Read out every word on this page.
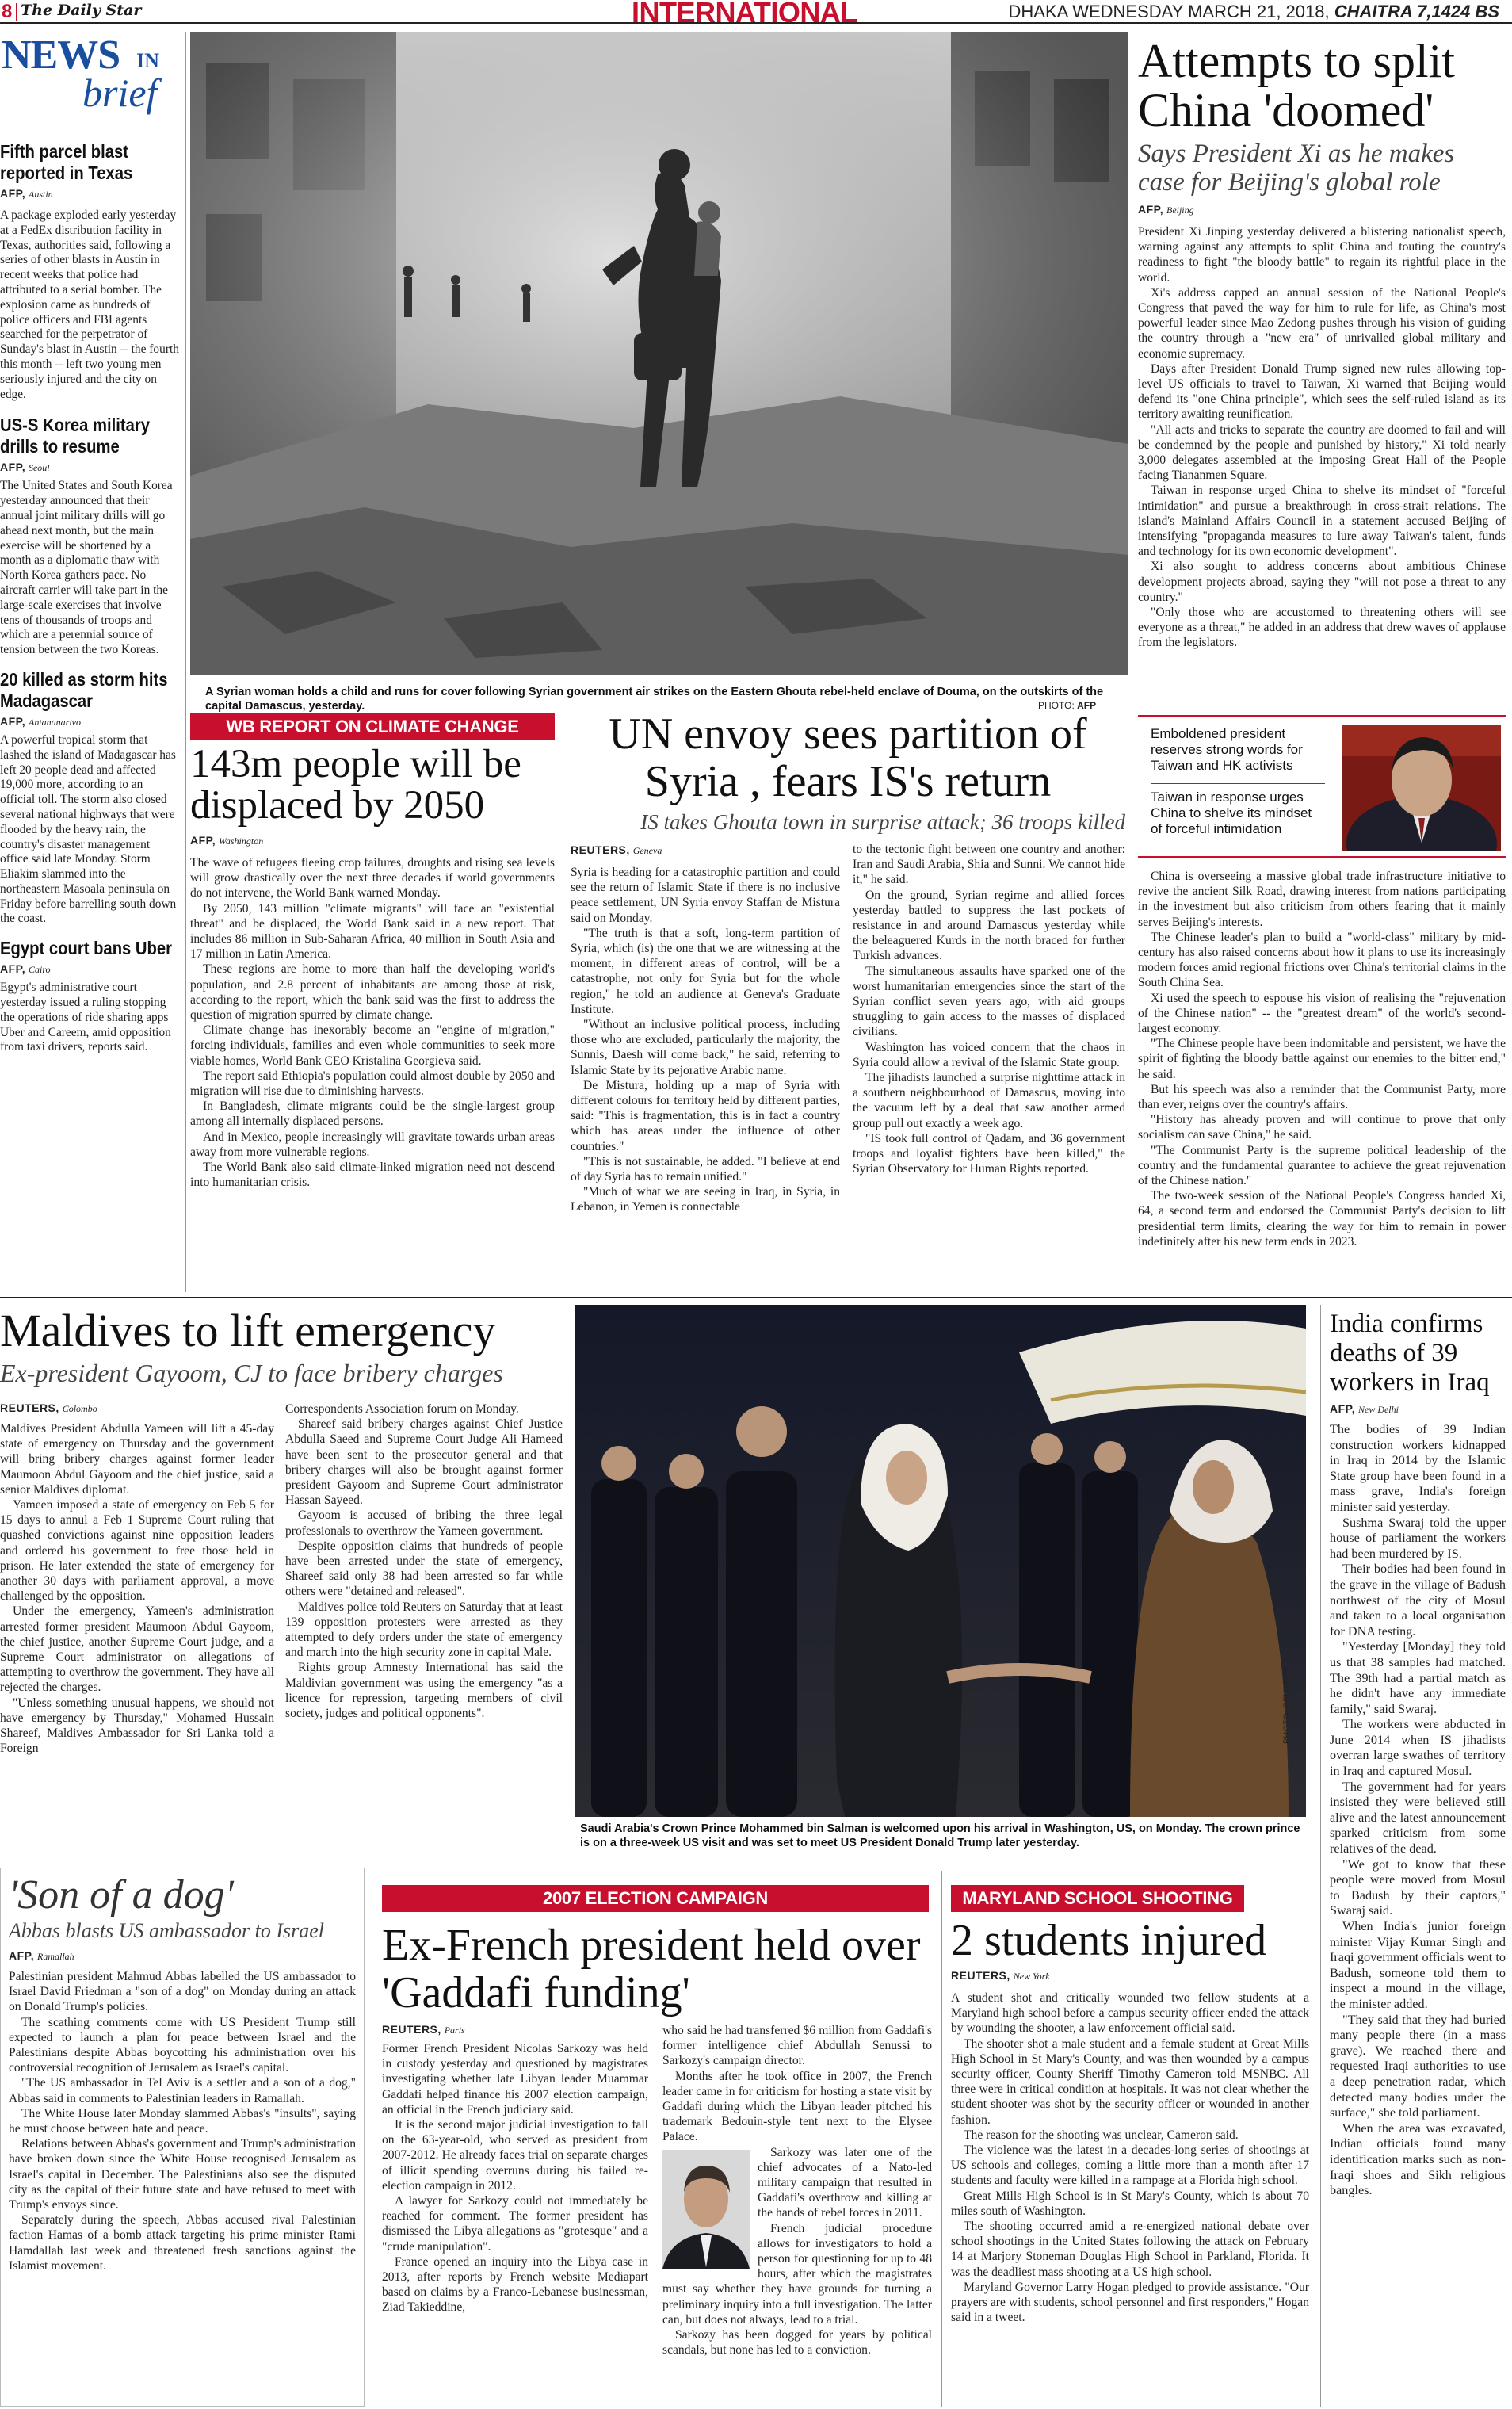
8 The Daily Star	INTERNATIONAL	DHAKA WEDNESDAY MARCH 21, 2018, CHAITRA 7,1424 BS
NEWS IN
brief
Fifth parcel blast reported in Texas
AFP, Austin
A package exploded early yesterday at a FedEx distribution facility in Texas, authorities said, following a series of other blasts in Austin in recent weeks that police had attributed to a serial bomber. The explosion came as hundreds of police officers and FBI agents searched for the perpetrator of Sunday's blast in Austin -- the fourth this month -- left two young men seriously injured and the city on edge.
US-S Korea military drills to resume
AFP, Seoul
The United States and South Korea yesterday announced that their annual joint military drills will go ahead next month, but the main exercise will be shortened by a month as a diplomatic thaw with North Korea gathers pace. No aircraft carrier will take part in the large-scale exercises that involve tens of thousands of troops and which are a perennial source of tension between the two Koreas.
20 killed as storm hits Madagascar
AFP, Antananarivo
A powerful tropical storm that lashed the island of Madagascar has left 20 people dead and affected 19,000 more, according to an official toll. The storm also closed several national highways that were flooded by the heavy rain, the country's disaster management office said late Monday. Storm Eliakim slammed into the northeastern Masoala peninsula on Friday before barrelling south down the coast.
Egypt court bans Uber
AFP, Cairo
Egypt's administrative court yesterday issued a ruling stopping the operations of ride sharing apps Uber and Careem, amid opposition from taxi drivers, reports said.
A Syrian woman holds a child and runs for cover following Syrian government air strikes on the Eastern Ghouta rebel-held enclave of Douma, on the outskirts of the capital Damascus, yesterday.	PHOTO: AFP
Attempts to split China 'doomed'
Says President Xi as he makes case for Beijing's global role
AFP, Beijing

President Xi Jinping yesterday delivered a blistering nationalist speech, warning against any attempts to split China and touting the country's readiness to fight "the bloody battle" to regain its rightful place in the world.

Xi's address capped an annual session of the National People's Congress that paved the way for him to rule for life, as China's most powerful leader since Mao Zedong pushes through his vision of guiding the country through a "new era" of unrivalled global military and economic supremacy.

Days after President Donald Trump signed new rules allowing top-level US officials to travel to Taiwan, Xi warned that Beijing would defend its "one China principle", which sees the self-ruled island as its territory awaiting reunification.

"All acts and tricks to separate the country are doomed to fail and will be condemned by the people and punished by history," Xi told nearly 3,000 delegates assembled at the imposing Great Hall of the People facing Tiananmen Square.

Taiwan in response urged China to shelve its mindset of "forceful intimidation" and pursue a breakthrough in cross-strait relations. The island's Mainland Affairs Council in a statement accused Beijing of intensifying "propaganda measures to lure away Taiwan's talent, funds and technology for its own economic development".

Xi also sought to address concerns about ambitious Chinese development projects abroad, saying they "will not pose a threat to any country."

"Only those who are accustomed to threatening others will see everyone as a threat," he added in an address that drew waves of applause from the legislators.

Emboldened president reserves strong words for Taiwan and HK activists
Taiwan in response urges China to shelve its mindset of forceful intimidation

China is overseeing a massive global trade infrastructure initiative to revive the ancient Silk Road, drawing interest from nations participating in the investment but also criticism from others fearing that it mainly serves Beijing's interests.

The Chinese leader's plan to build a "world-class" military by mid-century has also raised concerns about how it plans to use its increasingly modern forces amid regional frictions over China's territorial claims in the South China Sea.

Xi used the speech to espouse his vision of realising the "rejuvenation of the Chinese nation" -- the "greatest dream" of the world's second-largest economy.

"The Chinese people have been indomitable and persistent, we have the spirit of fighting the bloody battle against our enemies to the bitter end," he said.

But his speech was also a reminder that the Communist Party, more than ever, reigns over the country's affairs.

"History has already proven and will continue to prove that only socialism can save China," he said.

"The Communist Party is the supreme political leadership of the country and the fundamental guarantee to achieve the great rejuvenation of the Chinese nation."

The two-week session of the National People's Congress handed Xi, 64, a second term and endorsed the Communist Party's decision to lift presidential term limits, clearing the way for him to remain in power indefinitely after his new term ends in 2023.

WB REPORT ON CLIMATE CHANGE
143m people will be displaced by 2050
AFP, Washington

The wave of refugees fleeing crop failures, droughts and rising sea levels will grow drastically over the next three decades if world governments do not intervene, the World Bank warned Monday.

By 2050, 143 million "climate migrants" will face an "existential threat" and be displaced, the World Bank said in a new report. That includes 86 million in Sub-Saharan Africa, 40 million in South Asia and 17 million in Latin America.

These regions are home to more than half the developing world's population, and 2.8 percent of inhabitants are among those at risk, according to the report, which the bank said was the first to address the question of migration spurred by climate change.

Climate change has inexorably become an "engine of migration," forcing individuals, families and even whole communities to seek more viable homes, World Bank CEO Kristalina Georgieva said.

The report said Ethiopia's population could almost double by 2050 and migration will rise due to diminishing harvests.

In Bangladesh, climate migrants could be the single-largest group among all internally displaced persons.

And in Mexico, people increasingly will gravitate towards urban areas away from more vulnerable regions.

The World Bank also said climate-linked migration need not descend into humanitarian crisis.

UN envoy sees partition of Syria , fears IS's return
IS takes Ghouta town in surprise attack; 36 troops killed
REUTERS, Geneva

Syria is heading for a catastrophic partition and could see the return of Islamic State if there is no inclusive peace settlement, UN Syria envoy Staffan de Mistura said on Monday.

"The truth is that a soft, long-term partition of Syria, which (is) the one that we are witnessing at the moment, in different areas of control, will be a catastrophe, not only for Syria but for the whole region," he told an audience at Geneva's Graduate Institute.

"Without an inclusive political process, including those who are excluded, particularly the majority, the Sunnis, Daesh will come back," he said, referring to Islamic State by its pejorative Arabic name.

De Mistura, holding up a map of Syria with different colours for territory held by different parties, said: "This is fragmentation, this is in fact a country which has areas under the influence of other countries."

"This is not sustainable, he added. "I believe at end of day Syria has to remain unified."

"Much of what we are seeing in Iraq, in Syria, in Lebanon, in Yemen is connectable

to the tectonic fight between one country and another: Iran and Saudi Arabia, Shia and Sunni. We cannot hide it," he said.

On the ground, Syrian regime and allied forces yesterday battled to suppress the last pockets of resistance in and around Damascus yesterday while the beleaguered Kurds in the north braced for further Turkish advances.

The simultaneous assaults have sparked one of the worst humanitarian emergencies since the start of the Syrian conflict seven years ago, with aid groups struggling to gain access to the masses of displaced civilians.

Washington has voiced concern that the chaos in Syria could allow a revival of the Islamic State group.

The jihadists launched a surprise nighttime attack in a southern neighbourhood of Damascus, moving into the vacuum left by a deal that saw another armed group pull out exactly a week ago.

"IS took full control of Qadam, and 36 government troops and loyalist fighters have been killed," the Syrian Observatory for Human Rights reported.

Maldives to lift emergency
Ex-president Gayoom, CJ to face bribery charges
REUTERS, Colombo

Maldives President Abdulla Yameen will lift a 45-day state of emergency on Thursday and the government will bring bribery charges against former leader Maumoon Abdul Gayoom and the chief justice, said a senior Maldives diplomat.

Yameen imposed a state of emergency on Feb 5 for 15 days to annul a Feb 1 Supreme Court ruling that quashed convictions against nine opposition leaders and ordered his government to free those held in prison. He later extended the state of emergency for another 30 days with parliament approval, a move challenged by the opposition.

Under the emergency, Yameen's administration arrested former president Maumoon Abdul Gayoom, the chief justice, another Supreme Court judge, and a Supreme Court administrator on allegations of attempting to overthrow the government. They have all rejected the charges.

"Unless something unusual happens, we should not have emergency by Thursday," Mohamed Hussain Shareef, Maldives Ambassador for Sri Lanka told a Foreign

Correspondents Association forum on Monday.

Shareef said bribery charges against Chief Justice Abdulla Saeed and Supreme Court Judge Ali Hameed have been sent to the prosecutor general and that bribery charges will also be brought against former president Gayoom and Supreme Court administrator Hassan Sayeed.

Gayoom is accused of bribing the three legal professionals to overthrow the Yameen government.

Despite opposition claims that hundreds of people have been arrested under the state of emergency, Shareef said only 38 had been arrested so far while others were "detained and released".

Maldives police told Reuters on Saturday that at least 139 opposition protesters were arrested as they attempted to defy orders under the state of emergency and march into the high security zone in capital Male.

Rights group Amnesty International has said the Maldivian government was using the emergency "as a licence for repression, targeting members of civil society, judges and political opponents".

Saudi Arabia's Crown Prince Mohammed bin Salman is welcomed upon his arrival in Washington, US, on Monday. The crown prince is on a three-week US visit and was set to meet US President Donald Trump later yesterday.
PHOTO: REUTERS
India confirms deaths of 39 workers in Iraq
AFP, New Delhi

The bodies of 39 Indian construction workers kidnapped in Iraq in 2014 by the Islamic State group have been found in a mass grave, India's foreign minister said yesterday.

Sushma Swaraj told the upper house of parliament the workers had been murdered by IS.

Their bodies had been found in the grave in the village of Badush northwest of the city of Mosul and taken to a local organisation for DNA testing.

"Yesterday [Monday] they told us that 38 samples had matched. The 39th had a partial match as he didn't have any immediate family," said Swaraj.

The workers were abducted in June 2014 when IS jihadists overran large swathes of territory in Iraq and captured Mosul.

The government had for years insisted they were believed still alive and the latest announcement sparked criticism from some relatives of the dead.

"We got to know that these people were moved from Mosul to Badush by their captors," Swaraj said.

When India's junior foreign minister Vijay Kumar Singh and Iraqi government officials went to Badush, someone told them to inspect a mound in the village, the minister added.

"They said that they had buried many people there (in a mass grave). We reached there and requested Iraqi authorities to use a deep penetration radar, which detected many bodies under the surface," she told parliament.

When the area was excavated, Indian officials found many identification marks such as non-Iraqi shoes and Sikh religious bangles.

'Son of a dog'
Abbas blasts US ambassador to Israel
AFP, Ramallah

Palestinian president Mahmud Abbas labelled the US ambassador to Israel David Friedman a "son of a dog" on Monday during an attack on Donald Trump's policies.

The scathing comments come with US President Trump still expected to launch a plan for peace between Israel and the Palestinians despite Abbas boycotting his administration over his controversial recognition of Jerusalem as Israel's capital.

"The US ambassador in Tel Aviv is a settler and a son of a dog," Abbas said in comments to Palestinian leaders in Ramallah.

The White House later Monday slammed Abbas's "insults", saying he must choose between hate and peace.

Relations between Abbas's government and Trump's administration have broken down since the White House recognised Jerusalem as Israel's capital in December. The Palestinians also see the disputed city as the capital of their future state and have refused to meet with Trump's envoys since.

Separately during the speech, Abbas accused rival Palestinian faction Hamas of a bomb attack targeting his prime minister Rami Hamdallah last week and threatened fresh sanctions against the Islamist movement.

2007 ELECTION CAMPAIGN
Ex-French president held over 'Gaddafi funding'
REUTERS, Paris

Former French President Nicolas Sarkozy was held in custody yesterday and questioned by magistrates investigating whether late Libyan leader Muammar Gaddafi helped finance his 2007 election campaign, an official in the French judiciary said.

It is the second major judicial investigation to fall on the 63-year-old, who served as president from 2007-2012. He already faces trial on separate charges of illicit spending overruns during his failed re-election campaign in 2012.

A lawyer for Sarkozy could not immediately be reached for comment. The former president has dismissed the Libya allegations as "grotesque" and a "crude manipulation".

France opened an inquiry into the Libya case in 2013, after reports by French website Mediapart based on claims by a Franco-Lebanese businessman, Ziad Takieddine,

who said he had transferred $6 million from Gaddafi's former intelligence chief Abdullah Senussi to Sarkozy's campaign director.

Months after he took office in 2007, the French leader came in for criticism for hosting a state visit by Gaddafi during which the Libyan leader pitched his trademark Bedouin-style tent next to the Elysee Palace.

Sarkozy was later one of the chief advocates of a Nato-led military campaign that resulted in Gaddafi's overthrow and killing at the hands of rebel forces in 2011.

French judicial procedure allows for investigators to hold a person for questioning for up to 48 hours, after which the magistrates must say whether they have grounds for turning a preliminary inquiry into a full investigation. The latter can, but does not always, lead to a trial.

Sarkozy has been dogged for years by political scandals, but none has led to a conviction.

MARYLAND SCHOOL SHOOTING
2 students injured
REUTERS, New York

A student shot and critically wounded two fellow students at a Maryland high school before a campus security officer ended the attack by wounding the shooter, a law enforcement official said.

The shooter shot a male student and a female student at Great Mills High School in St Mary's County, and was then wounded by a campus security officer, County Sheriff Timothy Cameron told MSNBC. All three were in critical condition at hospitals. It was not clear whether the student shooter was shot by the security officer or wounded in another fashion.

The reason for the shooting was unclear, Cameron said.

The violence was the latest in a decades-long series of shootings at US schools and colleges, coming a little more than a month after 17 students and faculty were killed in a rampage at a Florida high school.

Great Mills High School is in St Mary's County, which is about 70 miles south of Washington.

The shooting occurred amid a re-energized national debate over school shootings in the United States following the attack on February 14 at Marjory Stoneman Douglas High School in Parkland, Florida. It was the deadliest mass shooting at a US high school.

Maryland Governor Larry Hogan pledged to provide assistance. "Our prayers are with students, school personnel and first responders," Hogan said in a tweet.
